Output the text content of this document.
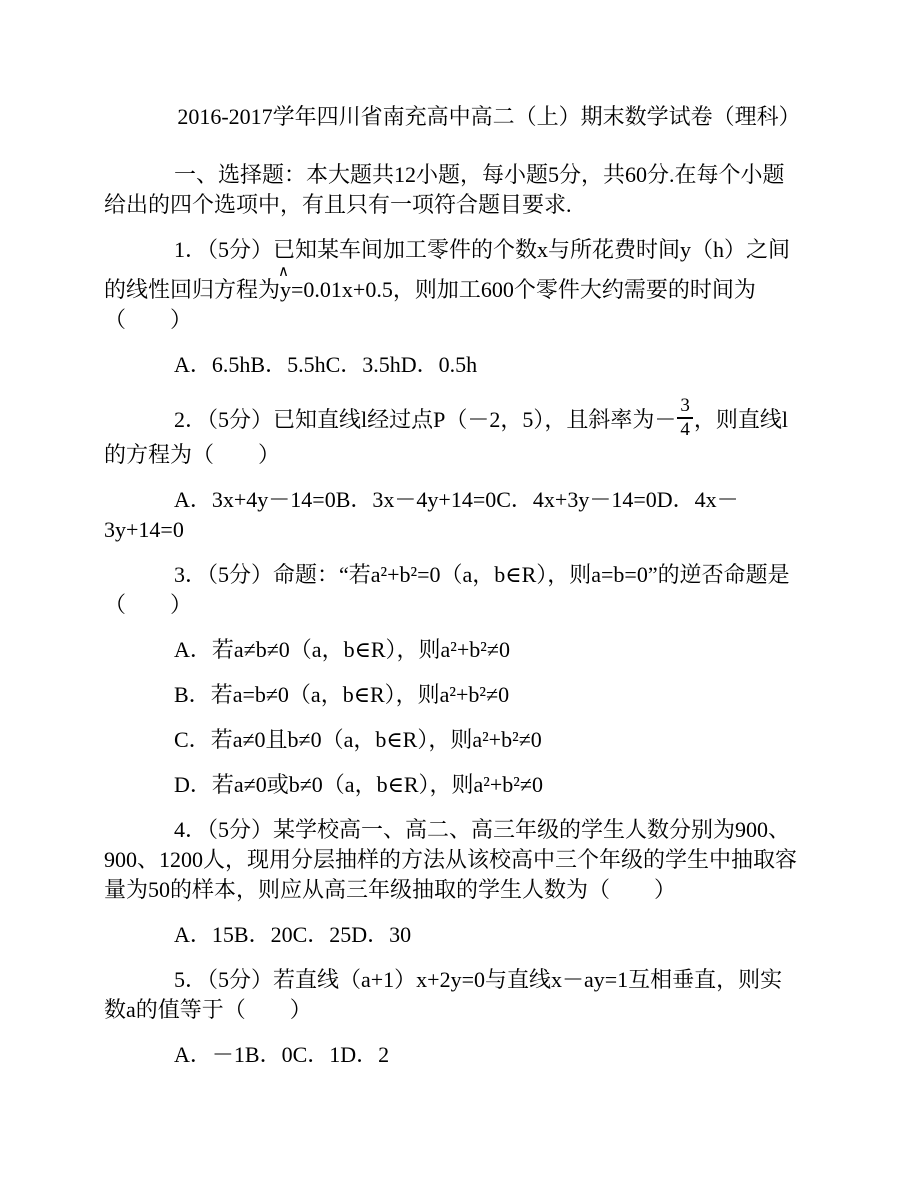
2016-2017学年四川省南充高中高二（上）期末数学试卷（理科）

一、选择题：本大题共12小题，每小题5分，共60分.在每个小题给出的四个选项中，有且只有一项符合题目要求.

1．（5分）已知某车间加工零件的个数x与所花费时间y（h）之间的线性回归方程为
∧
y=0.01x+0.5，则加工600个零件大约需要的时间为（　　）

A．6.5hB．5.5hC．3.5hD．0.5h

2．（5分）已知直线l经过点P（－2，5），且斜率为－ $\frac{3}{4}$ ，则直线l的方程为（　　）

A．3x+4y－14=0B．3x－4y+14=0C．4x+3y－14=0D．4x－3y+14=0

3．（5分）命题：“若a²+b²=0（a，b∈R），则a=b=0”的逆否命题是（　　）

A．若a≠b≠0（a，b∈R），则a²+b²≠0

B．若a=b≠0（a，b∈R），则a²+b²≠0

C．若a≠0且b≠0（a，b∈R），则a²+b²≠0

D．若a≠0或b≠0（a，b∈R），则a²+b²≠0

4．（5分）某学校高一、高二、高三年级的学生人数分别为900、900、1200人，现用分层抽样的方法从该校高中三个年级的学生中抽取容量为50的样本，则应从高三年级抽取的学生人数为（　　）

A．15B．20C．25D．30

5．（5分）若直线（a+1）x+2y=0与直线x－ay=1互相垂直，则实数a的值等于（　　）

A．－1B．0C．1D．2
